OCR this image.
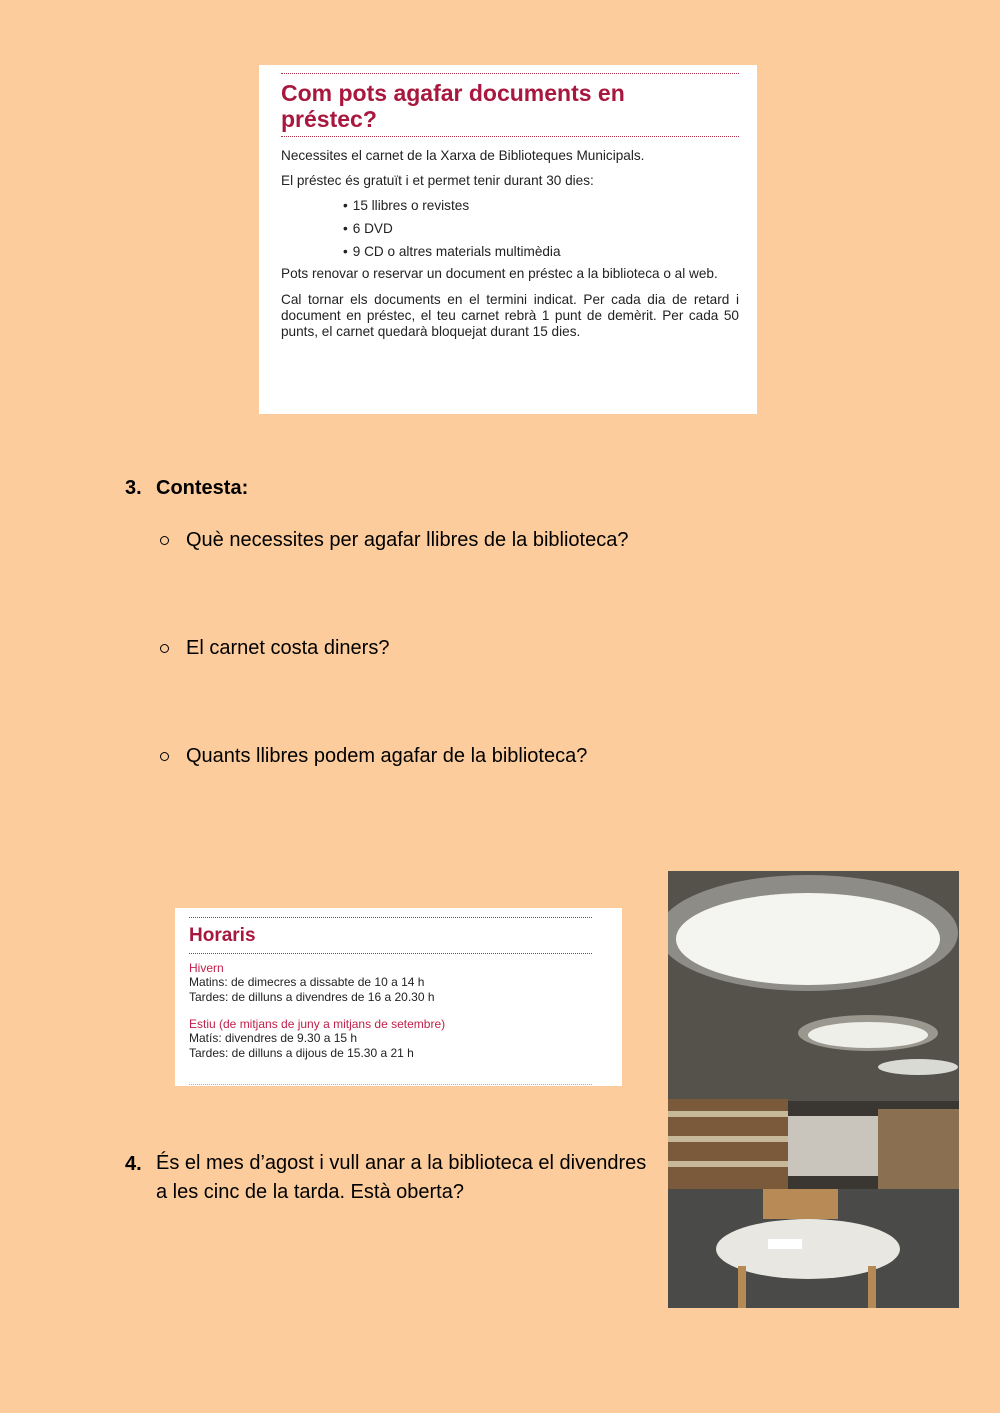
Com pots agafar documents en préstec?

Necessites el carnet de la Xarxa de Biblioteques Municipals.

El préstec és gratuït i et permet tenir durant 30 dies:

• 15 llibres o revistes
• 6 DVD
• 9 CD o altres materials multimèdia

Pots renovar o reservar un document en préstec a la biblioteca o al web.

Cal tornar els documents en el termini indicat. Per cada dia de retard i document en préstec, el teu carnet rebrà 1 punt de demèrit. Per cada 50 punts, el carnet quedarà bloquejat durant 15 dies.

3. Contesta:
Què necessites per agafar llibres de la biblioteca?
El carnet costa diners?
Quants llibres podem agafar de la biblioteca?
Horaris
Hivern
Matins: de dimecres a dissabte de 10 a 14 h
Tardes: de dilluns a divendres de 16 a 20.30 h
Estiu (de mitjans de juny a mitjans de setembre)
Matís: divendres de 9.30 a 15 h
Tardes: de dilluns a dijous de 15.30 a 21 h
4. És el mes d’agost i vull anar a la biblioteca el divendres a les cinc de la tarda. Està oberta?
